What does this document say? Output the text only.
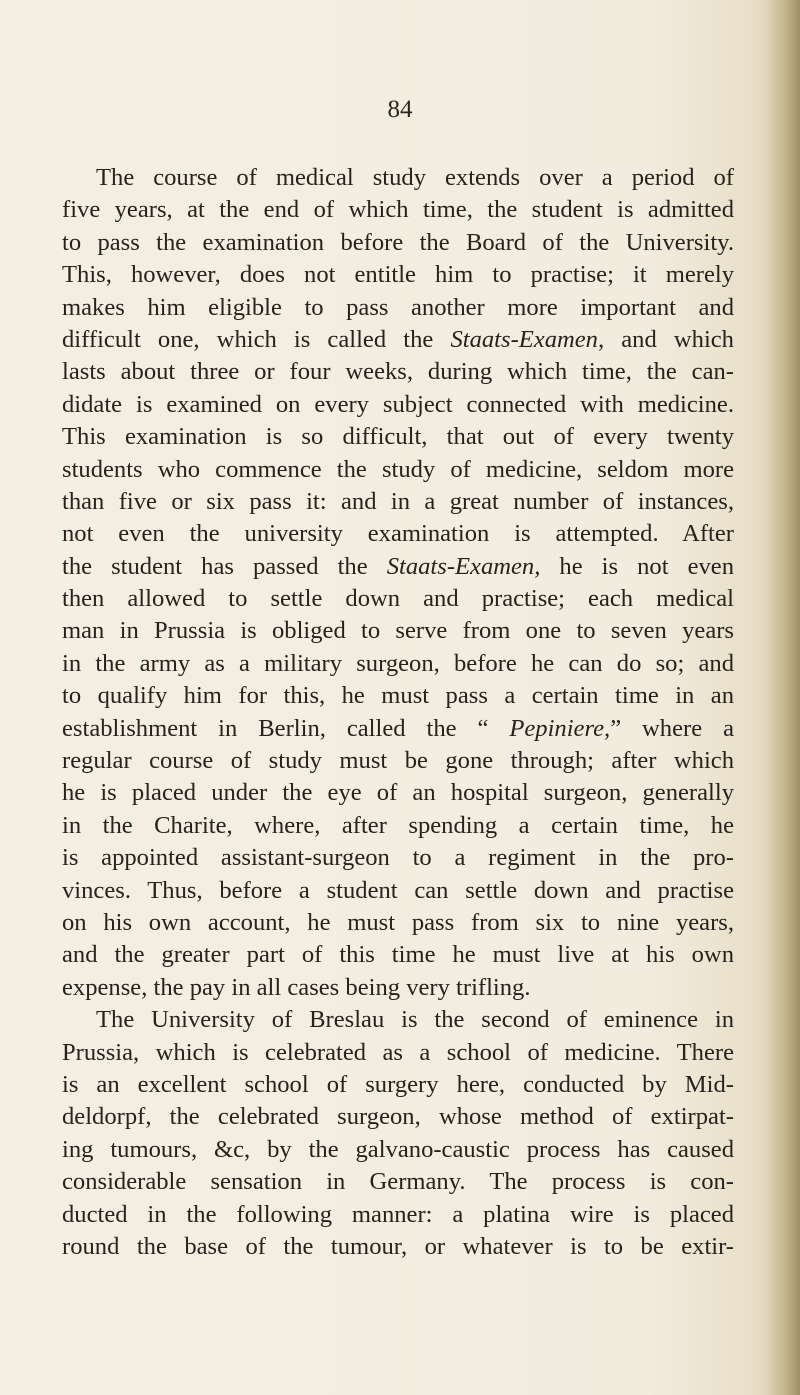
84

The course of medical study extends over a period of
five years, at the end of which time, the student is admitted
to pass the examination before the Board of the University.
This, however, does not entitle him to practise; it merely
makes him eligible to pass another more important and
difficult one, which is called the Staats-Examen, and which
lasts about three or four weeks, during which time, the can-
didate is examined on every subject connected with medicine.
This examination is so difficult, that out of every twenty
students who commence the study of medicine, seldom more
than five or six pass it: and in a great number of instances,
not even the university examination is attempted. After
the student has passed the Staats-Examen, he is not even
then allowed to settle down and practise; each medical
man in Prussia is obliged to serve from one to seven years
in the army as a military surgeon, before he can do so; and
to qualify him for this, he must pass a certain time in an
establishment in Berlin, called the “ Pepiniere,” where a
regular course of study must be gone through; after which
he is placed under the eye of an hospital surgeon, generally
in the Charite, where, after spending a certain time, he
is appointed assistant-surgeon to a regiment in the pro-
vinces. Thus, before a student can settle down and practise
on his own account, he must pass from six to nine years,
and the greater part of this time he must live at his own
expense, the pay in all cases being very trifling.
The University of Breslau is the second of eminence in
Prussia, which is celebrated as a school of medicine. There
is an excellent school of surgery here, conducted by Mid-
deldorpf, the celebrated surgeon, whose method of extirpat-
ing tumours, &c, by the galvano-caustic process has caused
considerable sensation in Germany. The process is con-
ducted in the following manner: a platina wire is placed
round the base of the tumour, or whatever is to be extir-
